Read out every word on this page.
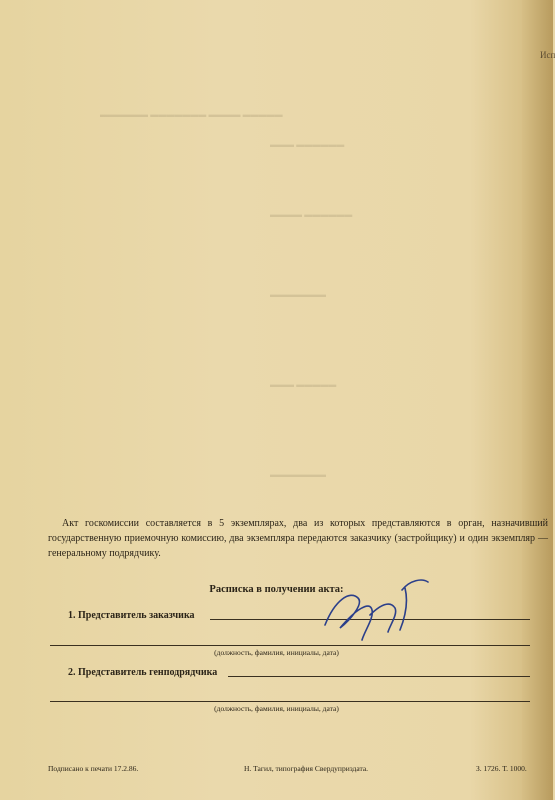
Исп
▬▬▬▬▬ ▬▬▬▬ ▬▬▬▬▬▬▬ ▬▬▬▬▬▬
▬▬▬▬▬▬ ▬▬▬
▬▬▬▬▬▬ ▬▬▬▬
▬▬▬▬▬▬▬
▬▬▬▬▬ ▬▬▬
▬▬▬▬▬▬▬

Акт госкомиссии составляется в 5 экземплярах, два из которых представляются в орган, назначивший государственную приемочную комиссию, два экземпляра передаются заказчику (застройщику) и один экземпляр — генеральному подрядчику.

Расписка в получении акта:
1. Представитель заказчика
(должность, фамилия, инициалы, дата)
2. Представитель генподрядчика
(должность, фамилия, инициалы, дата)
Подписано к печати 17.2.86.	Н. Тагил, типография Свердуприздата.	З. 1726. Т. 1000.
